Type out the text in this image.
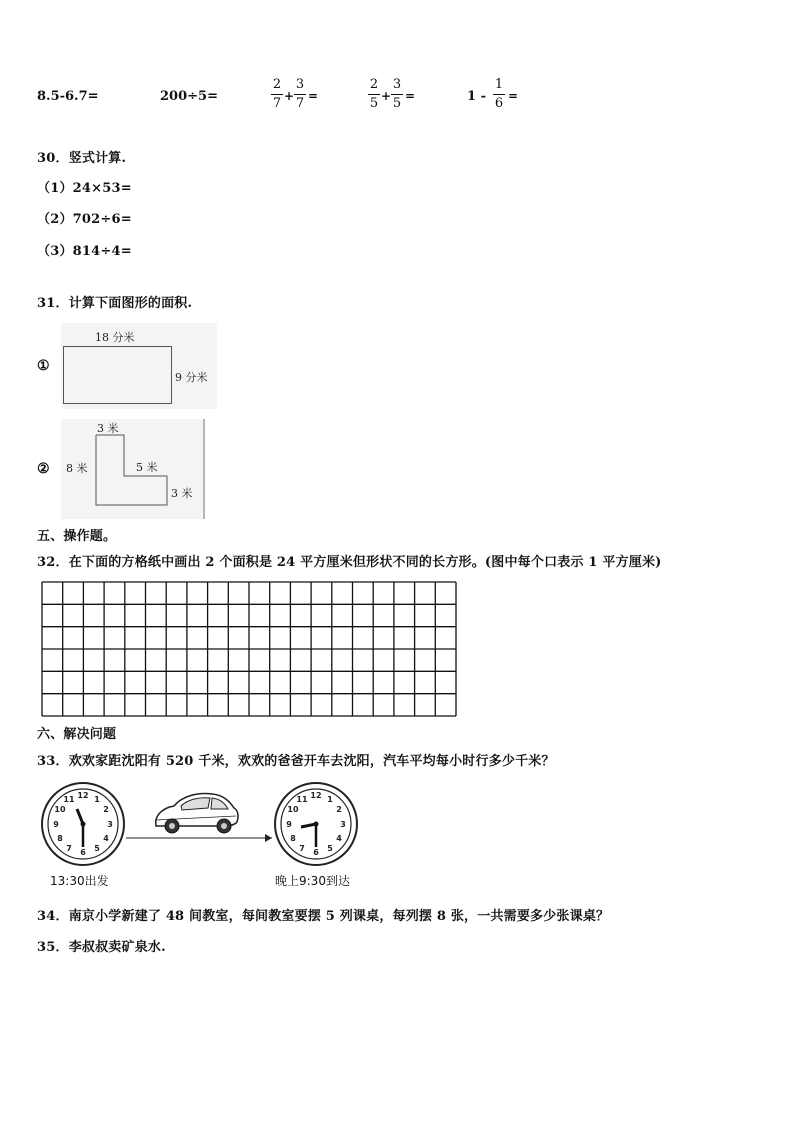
8.5-6.7=	200÷5=
2
7 +
3
7 =
2
5 +
3
5 =	1 -
1
6 =
30．竖式计算.
（1）24×53=
（2）702÷6=
（3）814÷4=
31．计算下面图形的面积.
①
18 分米
9 分米
②
3 米
8 米	5 米
3 米
五、操作题。
32．在下面的方格纸中画出 2 个面积是 24 平方厘米但形状不同的长方形。(图中每个口表示 1 平方厘米)
六、解决问题
33．欢欢家距沈阳有 520 千米，欢欢的爸爸开车去沈阳，汽车平均每小时行多少千米？
12 1
2
3
4
5
6
7
8
9
10
11
13:30出发
12 1
2
3
4
5
6
7
8
9
10
11
晚上9:30到达
34．南京小学新建了 48 间教室，每间教室要摆 5 列课桌，每列摆 8 张，一共需要多少张课桌？
35．李叔叔卖矿泉水.
